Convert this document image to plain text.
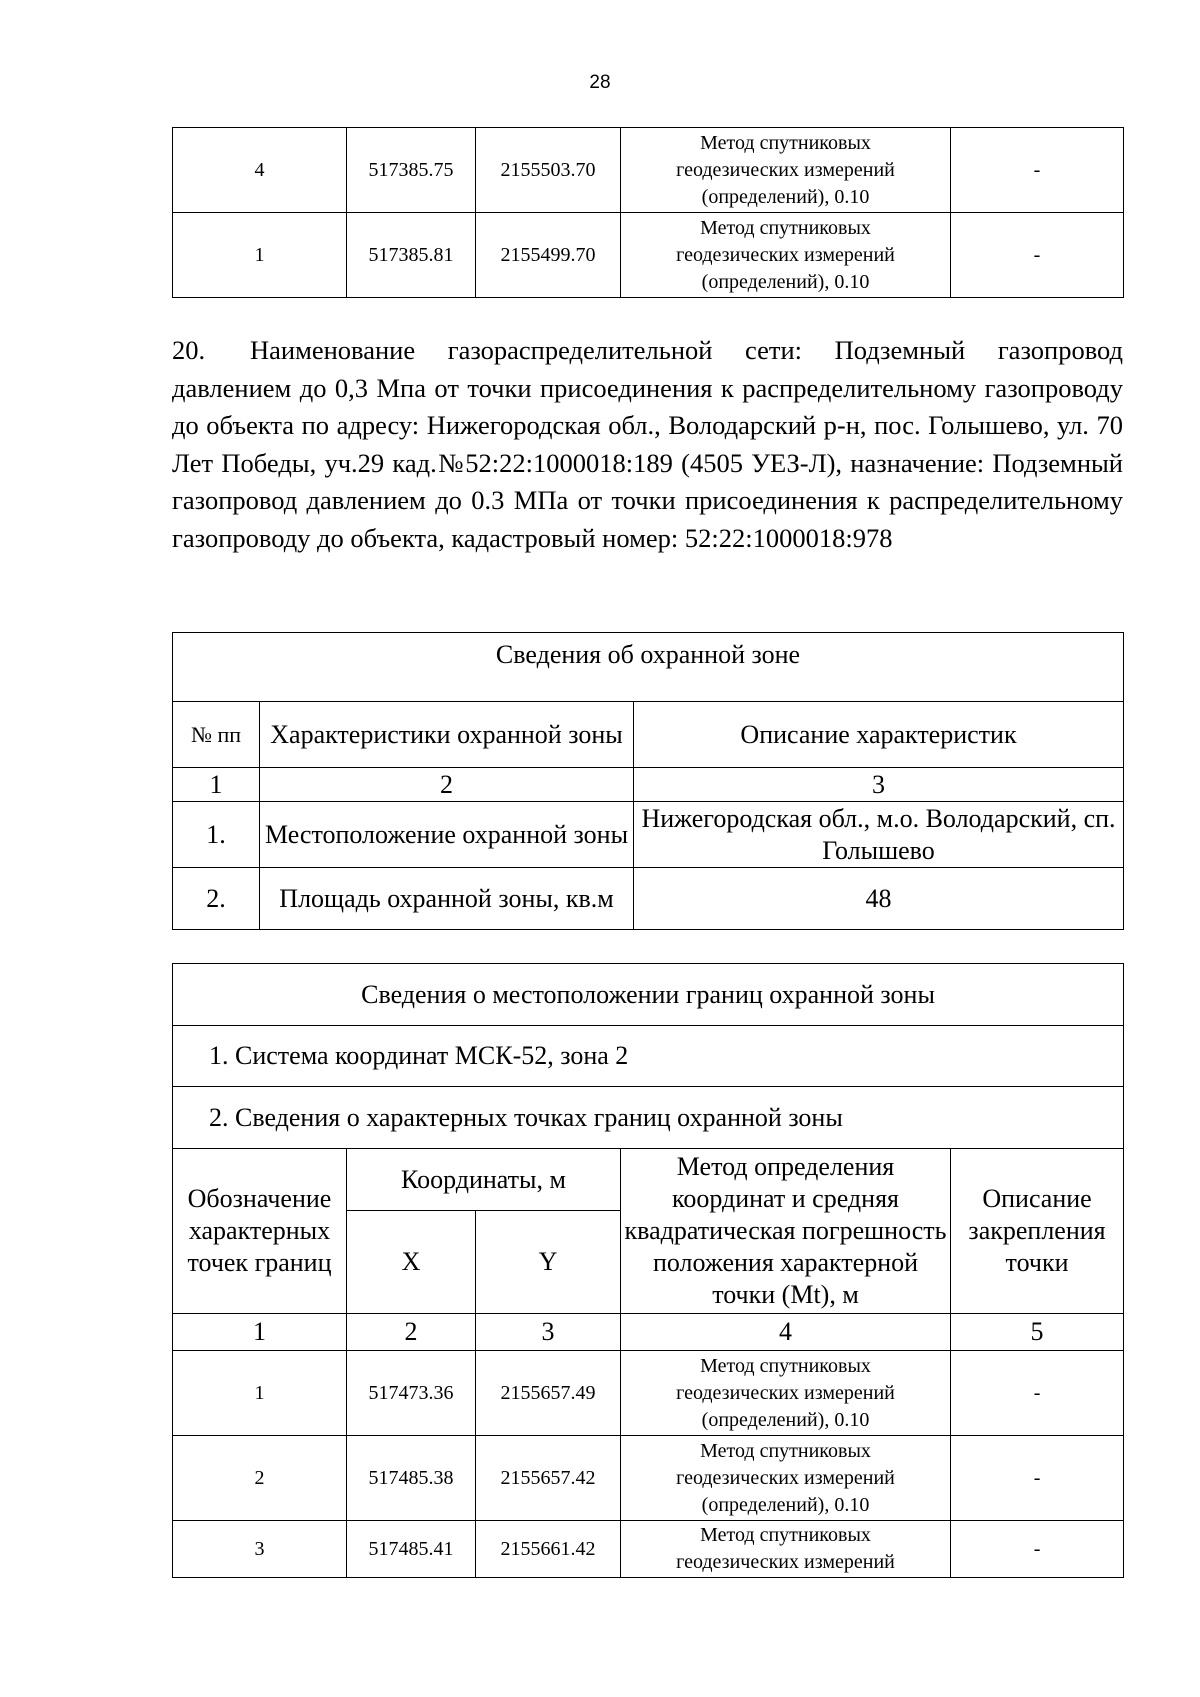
28
4	517385.75	2155503.70	Метод спутниковых
геодезических измерений
(определений), 0.10	-
1	517385.81	2155499.70	Метод спутниковых
геодезических измерений
(определений), 0.10	-
20. Наименование газораспределительной сети: Подземный газопровод давлением до 0,3 Мпа от точки присоединения к распределительному газопроводу до объекта по адресу: Нижегородская обл., Володарский р-н, пос. Голышево, ул. 70 Лет Победы, уч.29 кад.№52:22:1000018:189 (4505 УЕЗ-Л), назначение: Подземный газопровод давлением до 0.3 МПа от точки присоединения к распределительному газопроводу до объекта, кадастровый номер: 52:22:1000018:978
Сведения об охранной зоне		
№ пп	Характеристики охранной зоны	Описание характеристик
1	2	3
1.	Местоположение охранной зоны	Нижегородская обл., м.о. Володарский, сп. Голышево
2.	Площадь охранной зоны, кв.м	48
Сведения о местоположении границ охранной зоны				
1. Система координат МСК-52, зона 2				
2. Сведения о характерных точках границ охранной зоны				
Обозначение характерных точек границ	Координаты, м		Метод определения координат и средняя квадратическая погрешность положения характерной точки (Mt), м	Описание закрепления точки
	X	Y		
1	2	3	4	5
1	517473.36	2155657.49	Метод спутниковых
геодезических измерений
(определений), 0.10	-
2	517485.38	2155657.42	Метод спутниковых
геодезических измерений
(определений), 0.10	-
3	517485.41	2155661.42	Метод спутниковых
геодезических измерений	-
